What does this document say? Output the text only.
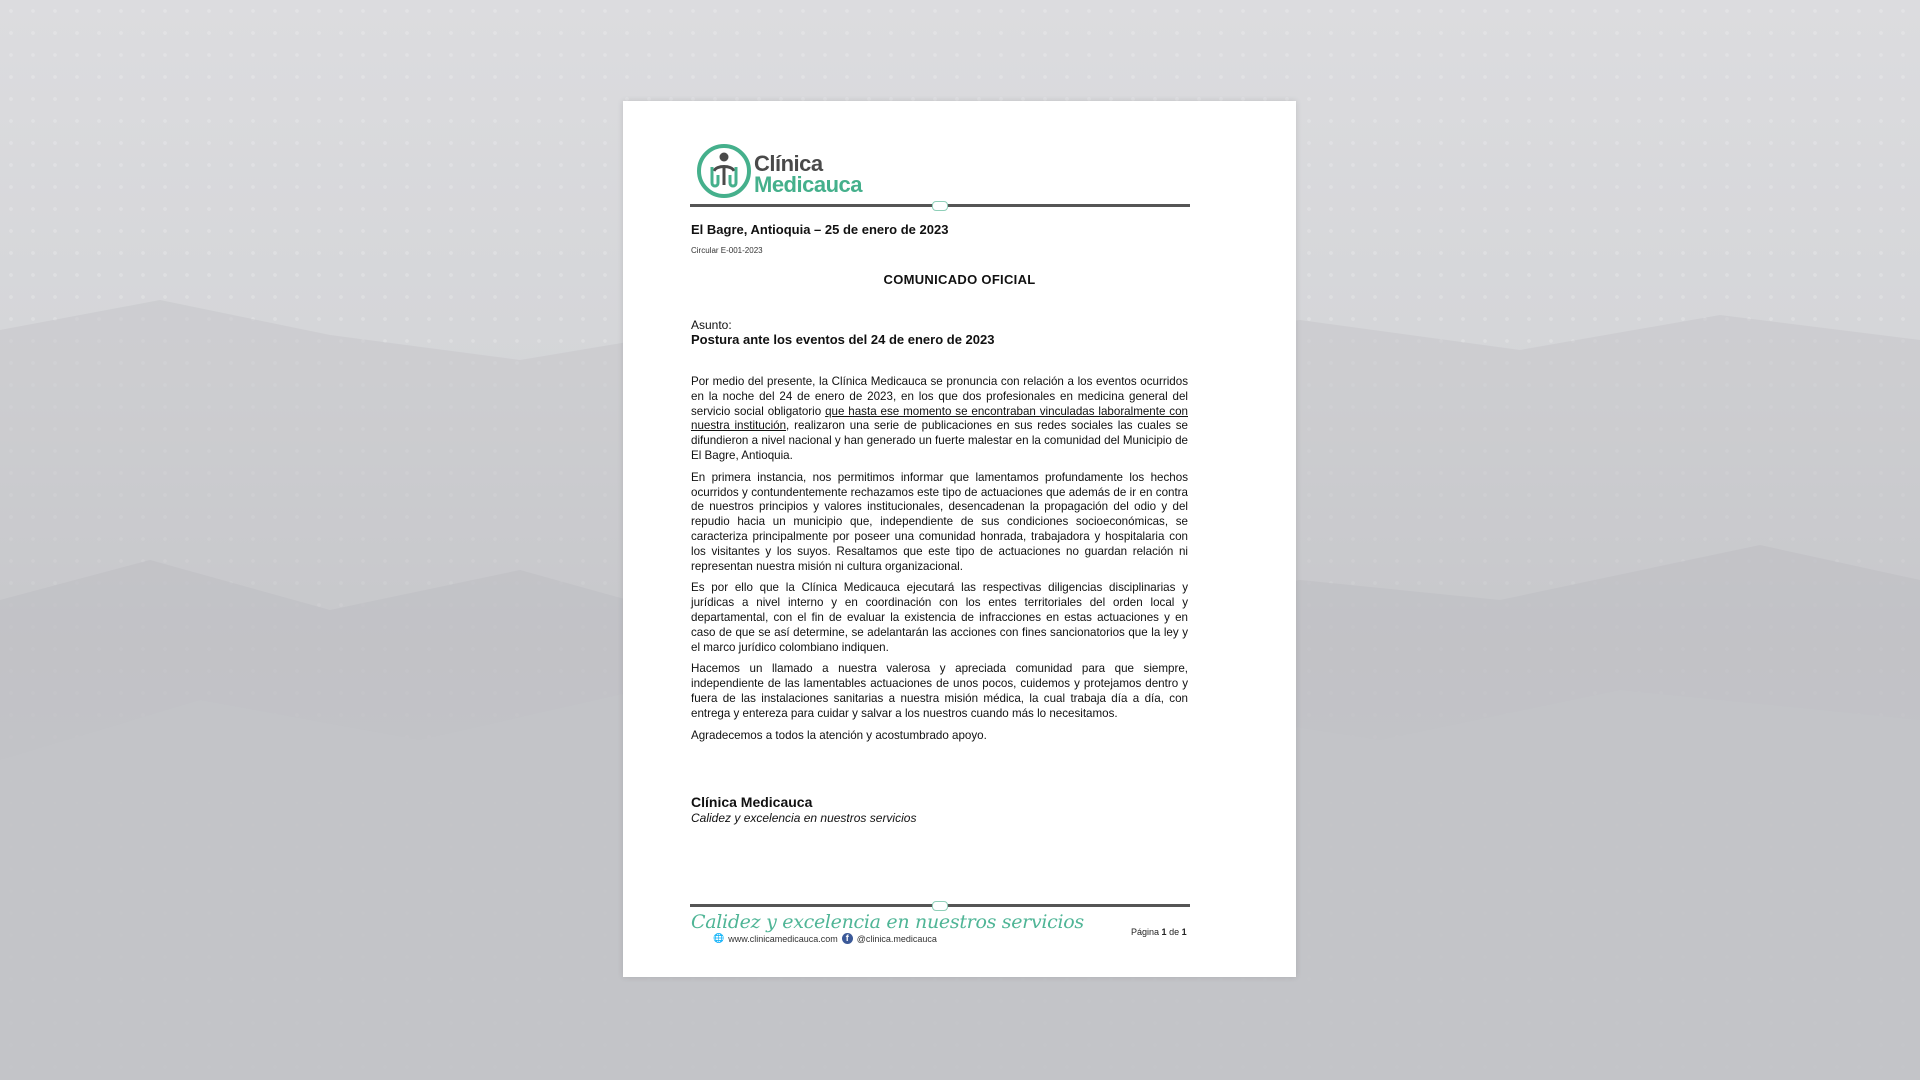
Clínica
Medicauca
El Bagre, Antioquia – 25 de enero de 2023
Circular E-001-2023
COMUNICADO OFICIAL
Asunto:
Postura ante los eventos del 24 de enero de 2023

Por medio del presente, la Clínica Medicauca se pronuncia con relación a los eventos ocurridos en la noche del 24 de enero de 2023, en los que dos profesionales en medicina general del servicio social obligatorio que hasta ese momento se encontraban vinculadas laboralmente con nuestra institución, realizaron una serie de publicaciones en sus redes sociales las cuales se difundieron a nivel nacional y han generado un fuerte malestar en la comunidad del Municipio de El Bagre, Antioquia.

En primera instancia, nos permitimos informar que lamentamos profundamente los hechos ocurridos y contundentemente rechazamos este tipo de actuaciones que además de ir en contra de nuestros principios y valores institucionales, desencadenan la propagación del odio y del repudio hacia un municipio que, independiente de sus condiciones socioeconómicas, se caracteriza principalmente por poseer una comunidad honrada, trabajadora y hospitalaria con los visitantes y los suyos. Resaltamos que este tipo de actuaciones no guardan relación ni representan nuestra misión ni cultura organizacional.

Es por ello que la Clínica Medicauca ejecutará las respectivas diligencias disciplinarias y jurídicas a nivel interno y en coordinación con los entes territoriales del orden local y departamental, con el fin de evaluar la existencia de infracciones en estas actuaciones y en caso de que se así determine, se adelantarán las acciones con fines sancionatorios que la ley y el marco jurídico colombiano indiquen.

Hacemos un llamado a nuestra valerosa y apreciada comunidad para que siempre, independiente de las lamentables actuaciones de unos pocos, cuidemos y protejamos dentro y fuera de las instalaciones sanitarias a nuestra misión médica, la cual trabaja día a día, con entrega y entereza para cuidar y salvar a los nuestros cuando más lo necesitamos.

Agradecemos a todos la atención y acostumbrado apoyo.

Clínica Medicauca
Calidez y excelencia en nuestros servicios
Calidez y excelencia en nuestros servicios
🌐 www.clinicamedicauca.com f @clinica.medicauca
Página 1 de 1
